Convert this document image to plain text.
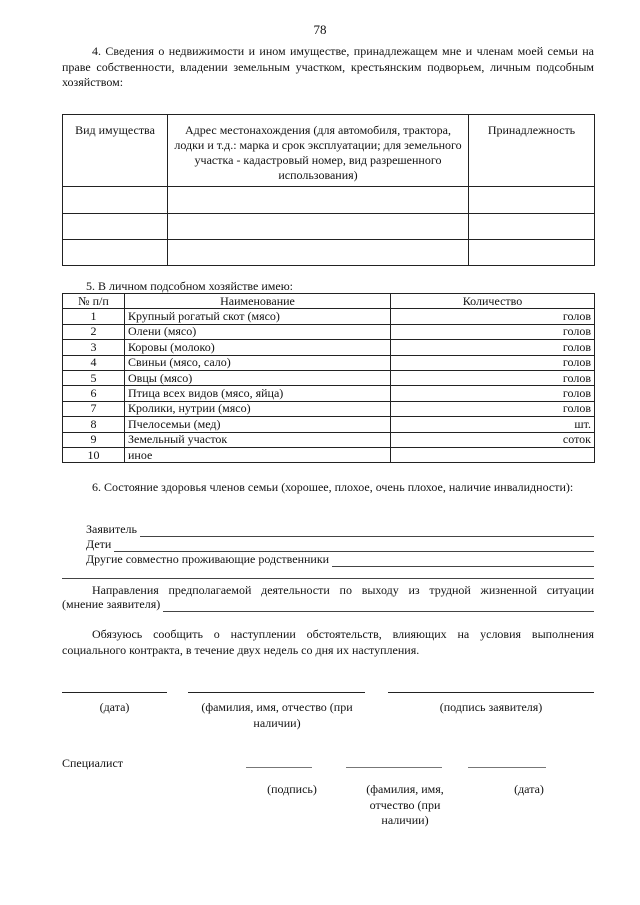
78
4. Сведения о недвижимости и ином имуществе, принадлежащем мне и членам моей семьи на праве собственности, владении земельным участком, крестьянским подворьем, личным подсобным хозяйством:
Вид имущества	Адрес местонахождения (для автомобиля, трактора, лодки и т.д.: марка и срок эксплуатации; для земельного участка - кадастровый номер, вид разрешенного использования)	Принадлежность

5. В личном подсобном хозяйстве имею:
№ п/п	Наименование	Количество
1	Крупный рогатый скот (мясо)	голов
2	Олени (мясо)	голов
3	Коровы (молоко)	голов
4	Свиньи (мясо, сало)	голов
5	Овцы (мясо)	голов
6	Птица всех видов (мясо, яйца)	голов
7	Кролики, нутрии (мясо)	голов
8	Пчелосемьи (мед)	шт.
9	Земельный участок	соток
10	иное	
6. Состояние здоровья членов семьи (хорошее, плохое, очень плохое, наличие инвалидности):
Заявитель
Дети
Другие совместно проживающие родственники
Направления предполагаемой деятельности по выходу из трудной жизненной ситуации
(мнение заявителя)
Обязуюсь сообщить о наступлении обстоятельств, влияющих на условия выполнения социального контракта, в течение двух недель со дня их наступления.
(дата)	(фамилия, имя, отчество (при наличии)
(подпись заявителя)
Специалист
(подпись)	(фамилия, имя, отчество (при наличии)
(дата)
